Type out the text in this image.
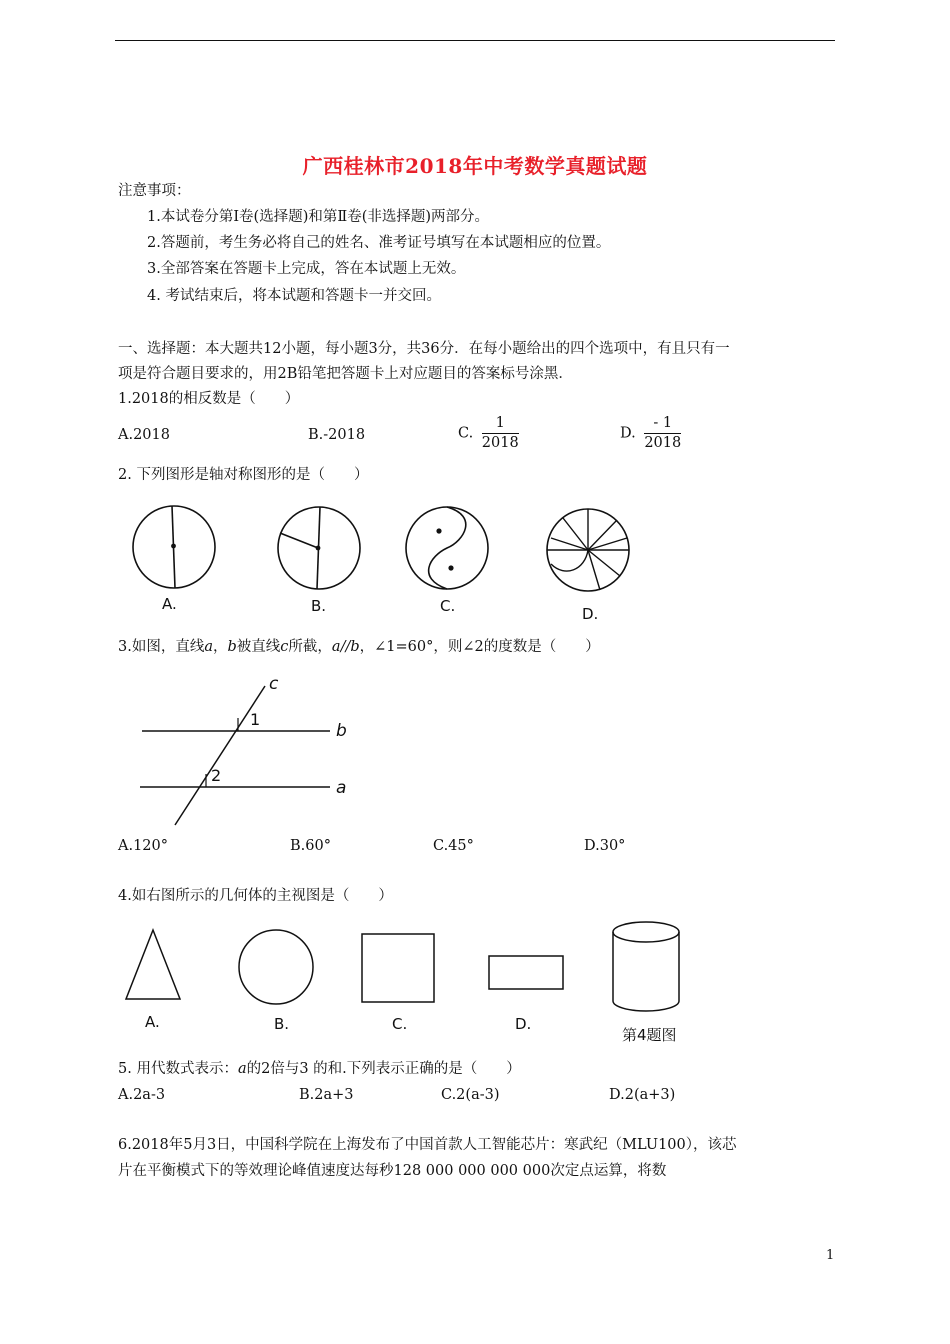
广西桂林市2018年中考数学真题试题
注意事项：
1.本试卷分第Ⅰ卷(选择题)和第Ⅱ卷(非选择题)两部分。
2.答题前，考生务必将自己的姓名、准考证号填写在本试题相应的位置。
3.全部答案在答题卡上完成，答在本试题上无效。
4. 考试结束后，将本试题和答题卡一并交回。
一、选择题：本大题共12小题，每小题3分，共36分．在每小题给出的四个选项中，有且只有一
项是符合题目要求的，用2B铅笔把答题卡上对应题目的答案标号涂黑．
1.2018的相反数是（　　）
A.2018	B.-2018	C. $\frac{1}{2018}$	D. $\frac{- 1}{2018}$
2. 下列图形是轴对称图形的是（　　）
A.	B.	C.	D.
3.如图，直线a，b被直线c所截，a//b，∠1=60°，则∠2的度数是（　　）
c
b
a
1
2
A.120°	B.60°	C.45°	D.30°
4.如右图所示的几何体的主视图是（　　）
A.	B.	C.	D.
第4题图
5. 用代数式表示：a的2倍与3 的和.下列表示正确的是（　　）
A.2a-3	B.2a+3	C.2(a-3)	D.2(a+3)
6.2018年5月3日，中国科学院在上海发布了中国首款人工智能芯片：寒武纪（MLU100），该芯
片在平衡模式下的等效理论峰值速度达每秒128 000 000 000 000次定点运算，将数
1
